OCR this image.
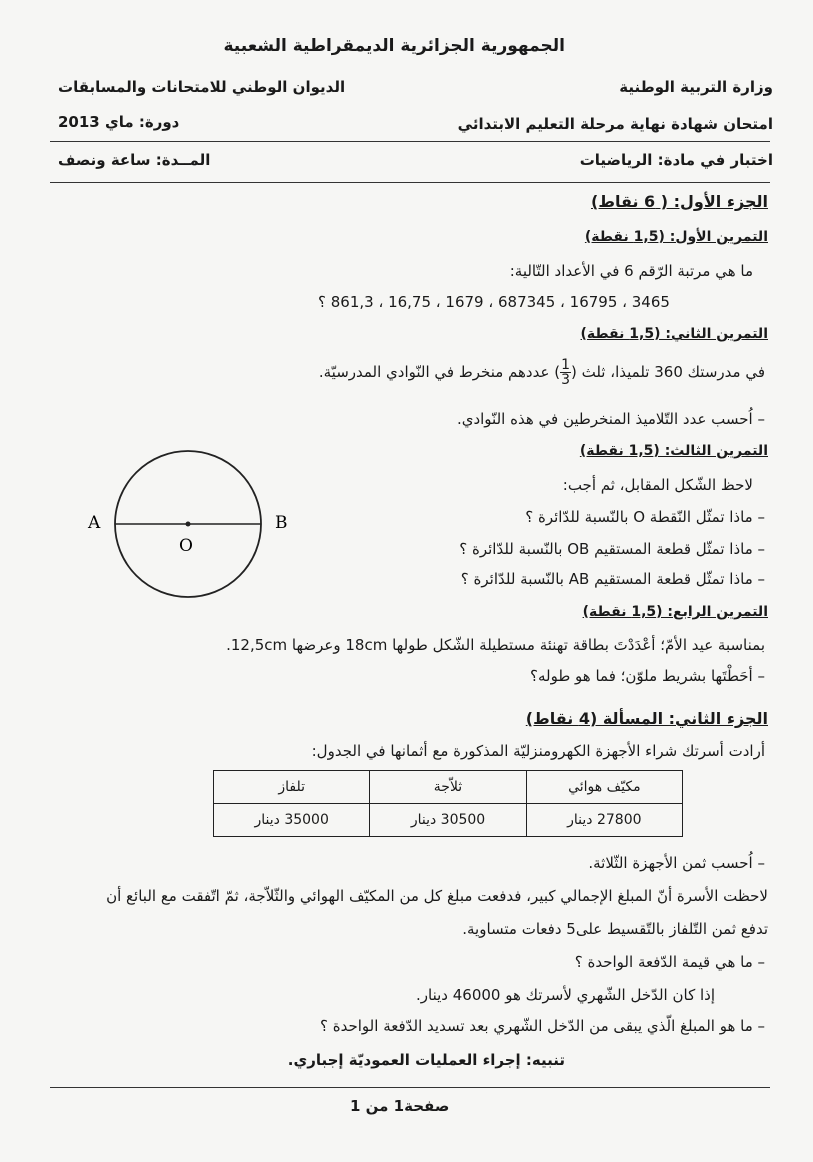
الجمهورية الجزائرية الديمقراطية الشعبية
وزارة التربية الوطنية
الديوان الوطني للامتحانات والمسابقات
امتحان شهادة نهاية مرحلة التعليم الابتدائي
دورة: ماي 2013
اختبار في مادة: الرياضيات
المــدة: ساعة ونصف
الجزء الأول: ( 6 نقاط)
التمرين الأول: (1,5 نقطة)
ما هي مرتبة الرّقم 6 في الأعداد التّالية:
3465 ، 16795 ، 687345 ، 1679 ، 16,75 ، 861,3 ؟
التمرين الثاني: (1,5 نقطة)
في مدرستك 360 تلميذا، ثلث (
$\frac{1}{3}$
) عددهم منخرط في النّوادي المدرسيّة.
– اُحسب عدد التّلاميذ المنخرطين في هذه النّوادي.
التمرين الثالث: (1,5 نقطة)
لاحظ الشّكل المقابل، ثم أجب:
– ماذا تمثّل النّقطة O بالنّسبة للدّائرة ؟
– ماذا تمثّل قطعة المستقيم OB بالنّسبة للدّائرة ؟
– ماذا تمثّل قطعة المستقيم AB بالنّسبة للدّائرة ؟
A	B
O
التمرين الرابع: (1,5 نقطة)
بمناسبة عيد الأمّ؛ أعْدَدْتَ بطاقة تهنئة مستطيلة الشّكل طولها 18cm وعرضها 12,5cm.
– أحَطْتَها بشريط ملوّن؛ فما هو طوله؟
الجزء الثاني: المسألة (4 نقاط)
أرادت أسرتك شراء الأجهزة الكهرومنزليّة المذكورة مع أثمانها في الجدول:
مكيّف هوائي	ثلاّجة	تلفاز
27800 دينار	30500 دينار	35000 دينار
– اُحسب ثمن الأجهزة الثّلاثة.
لاحظت الأسرة أنّ المبلغ الإجمالي كبير، فدفعت مبلغ كل من المكيّف الهوائي والثّلاّجة، ثمّ اتّفقت مع البائع أن
تدفع ثمن التّلفاز بالتّقسيط على5 دفعات متساوية.
– ما هي قيمة الدّفعة الواحدة ؟
إذا كان الدّخل الشّهري لأسرتك هو 46000 دينار.
– ما هو المبلغ الّذي يبقى من الدّخل الشّهري بعد تسديد الدّفعة الواحدة ؟
تنبيه: إجراء العمليات العموديّة إجباري.
صفحة1 من 1
